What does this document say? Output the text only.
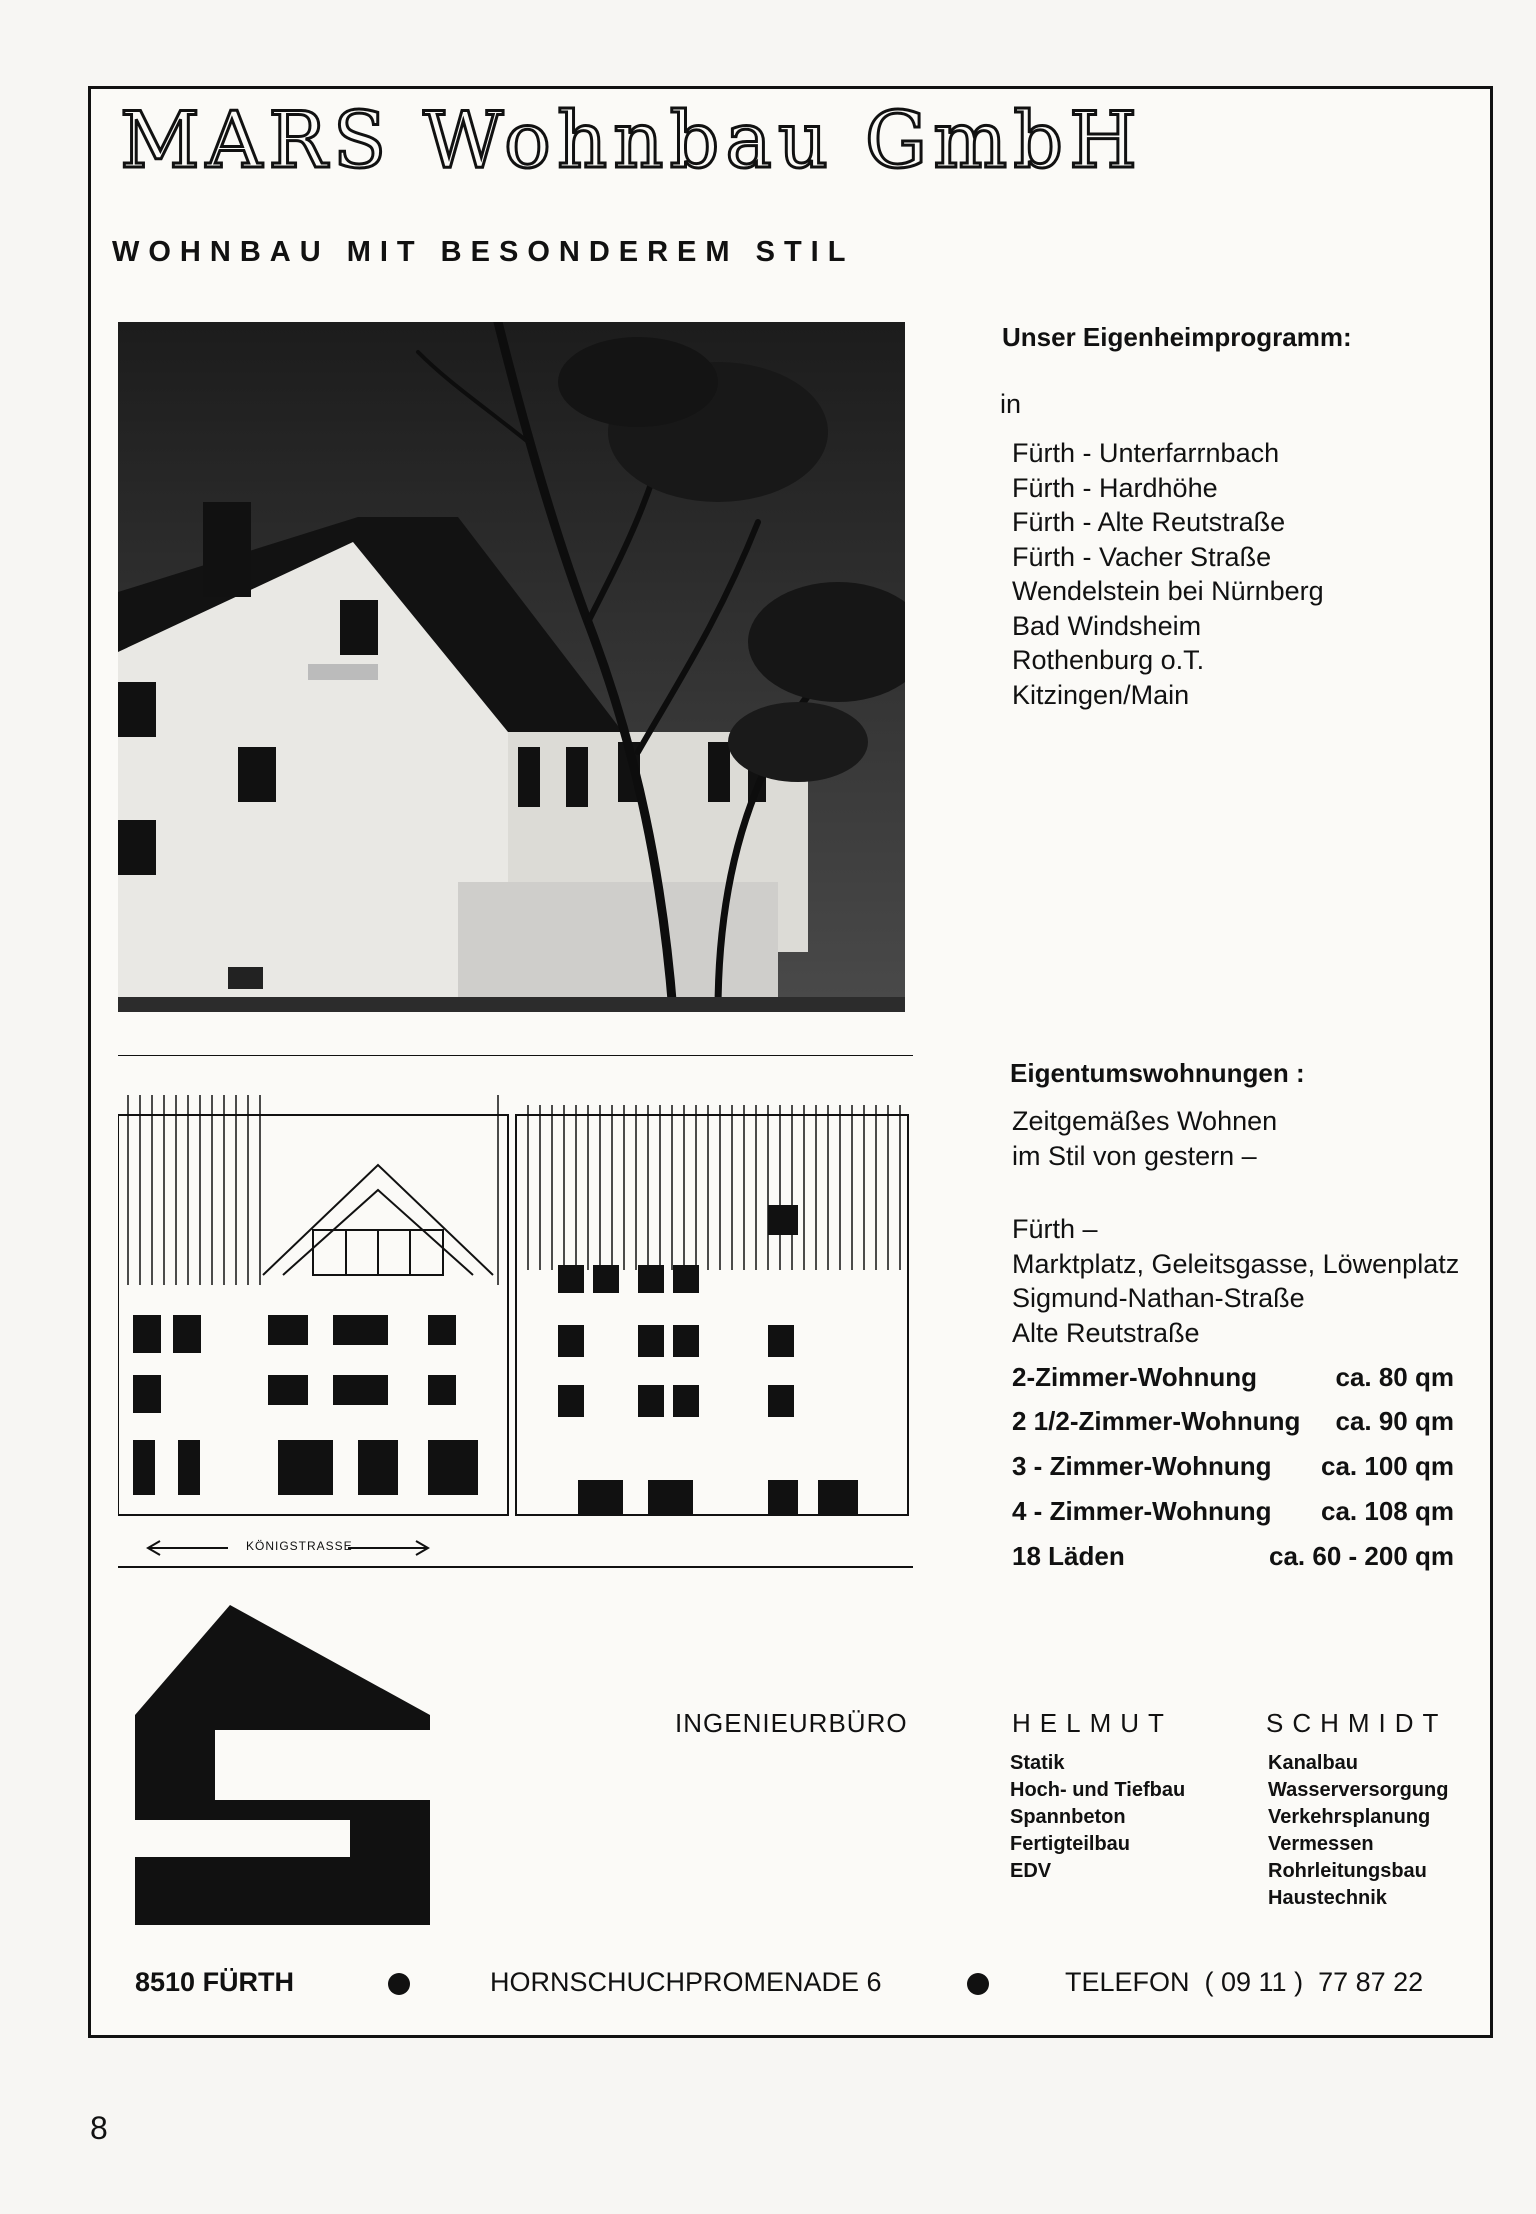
MARS Wohnbau GmbH
WOHNBAU MIT BESONDEREM STIL
KÖNIGSTRASSE
Unser Eigenheimprogramm:
in
Fürth - Unterfarrnbach
Fürth - Hardhöhe
Fürth - Alte Reutstraße
Fürth - Vacher Straße
Wendelstein bei Nürnberg
Bad Windsheim
Rothenburg o.T.
Kitzingen/Main
Eigentumswohnungen :
Zeitgemäßes Wohnen
im Stil von gestern –
Fürth –
Marktplatz, Geleitsgasse, Löwenplatz
Sigmund-Nathan-Straße
Alte Reutstraße
2-Zimmer-Wohnung	ca. 80 qm
2 1/2-Zimmer-Wohnung ca. 90 qm
3 - Zimmer-Wohnung ca. 100 qm
4 - Zimmer-Wohnung ca. 108 qm
18 Läden	ca. 60 - 200 qm
INGENIEURBÜRO	HELMUT	SCHMIDT
Statik
Hoch- und Tiefbau
Spannbeton
Fertigteilbau
EDV
Kanalbau
Wasserversorgung
Verkehrsplanung
Vermessen
Rohrleitungsbau
Haustechnik
8510 FÜRTH	HORNSCHUCHPROMENADE 6	TELEFON  ( 09 11 )  77 87 22
8
